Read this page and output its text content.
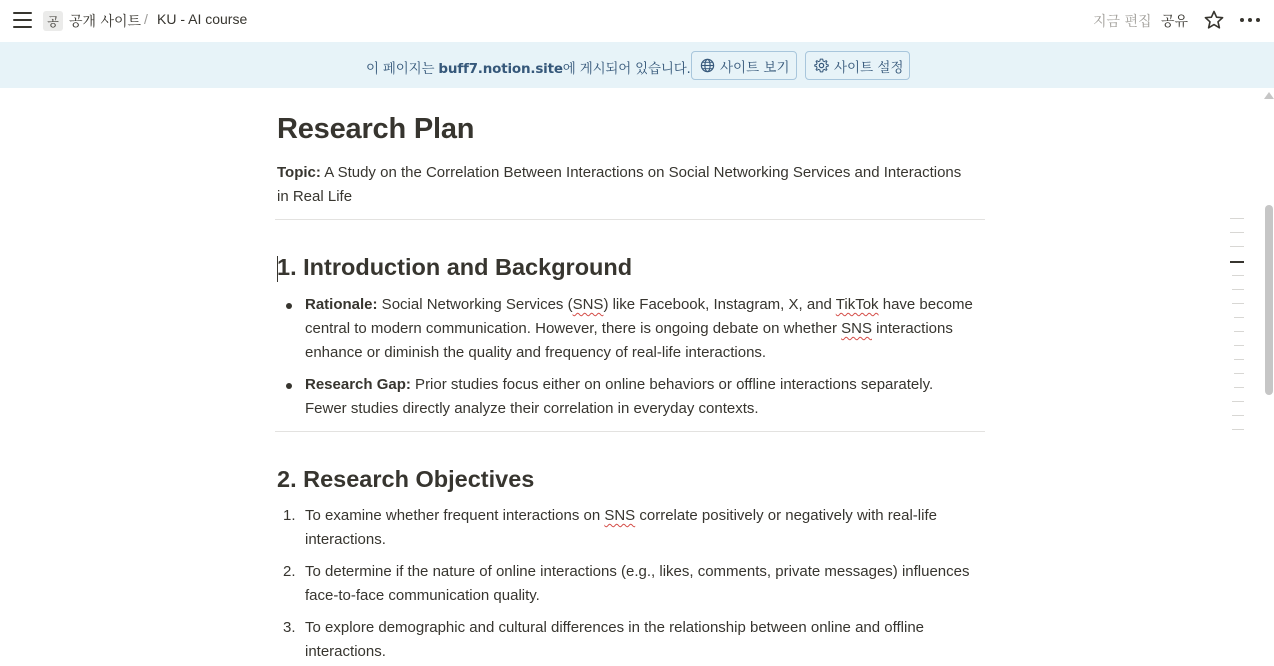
공 공개 사이트 / KU - AI course	지금 편집 공유
이 페이지는 buff7.notion.site에 게시되어 있습니다. 사이트 보기	사이트 설정
Research Plan
Topic: A Study on the Correlation Between Interactions on Social Networking Services and Interactions in Real Life
1. Introduction and Background
Rationale: Social Networking Services (SNS) like Facebook, Instagram, X, and TikTok have become central to modern communication. However, there is ongoing debate on whether SNS interactions enhance or diminish the quality and frequency of real-life interactions.
Research Gap: Prior studies focus either on online behaviors or offline interactions separately. Fewer studies directly analyze their correlation in everyday contexts.
2. Research Objectives
1. To examine whether frequent interactions on SNS correlate positively or negatively with real-life interactions.
2. To determine if the nature of online interactions (e.g., likes, comments, private messages) influences face-to-face communication quality.
3. To explore demographic and cultural differences in the relationship between online and offline interactions.
